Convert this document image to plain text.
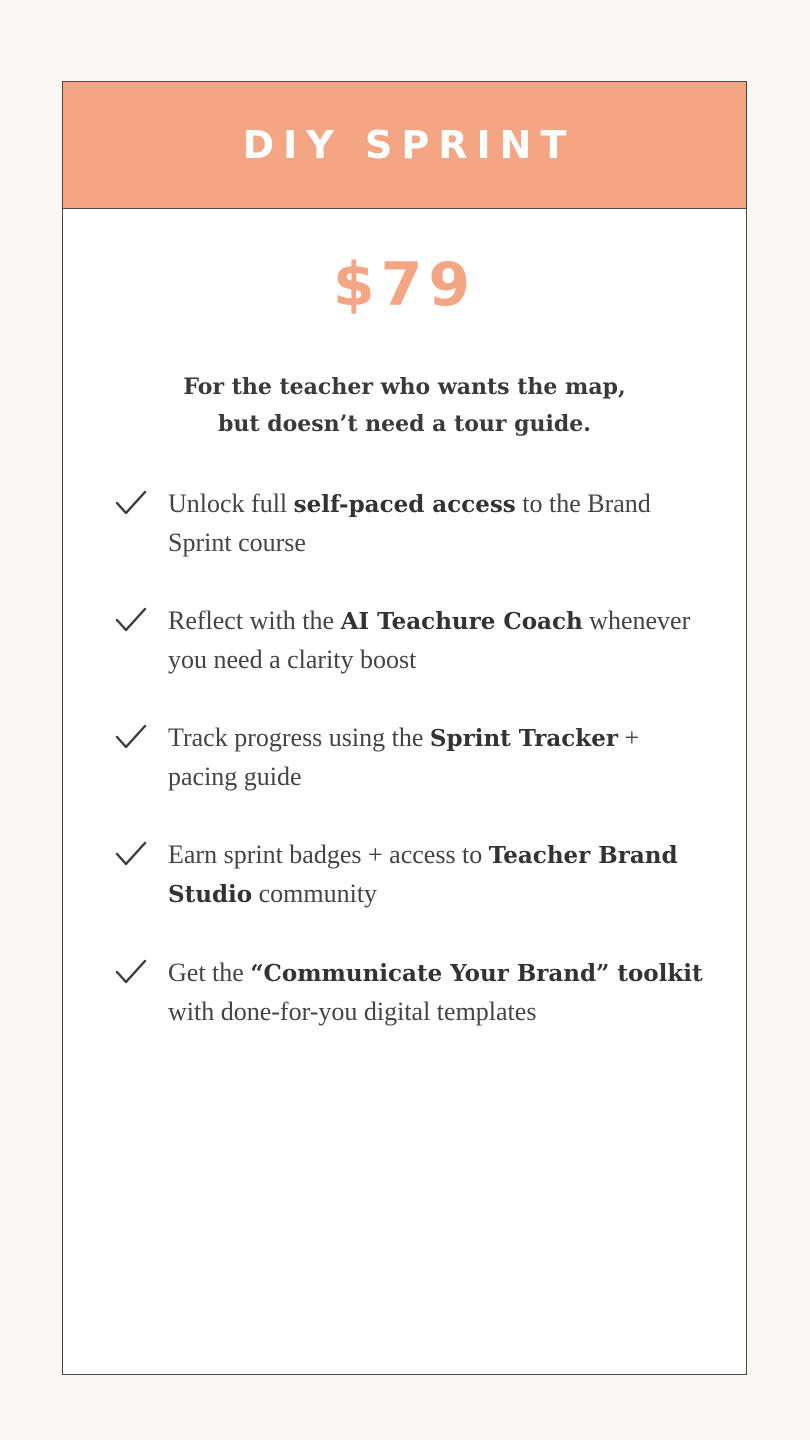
DIY SPRINT
$79
For the teacher who wants the map,
but doesn’t need a tour guide.
Unlock full self-paced access to the Brand Sprint course
Reflect with the AI Teachure Coach whenever you need a clarity boost
Track progress using the Sprint Tracker + pacing guide
Earn sprint badges + access to Teacher Brand Studio community
Get the “Communicate Your Brand” toolkit with done-for-you digital templates
